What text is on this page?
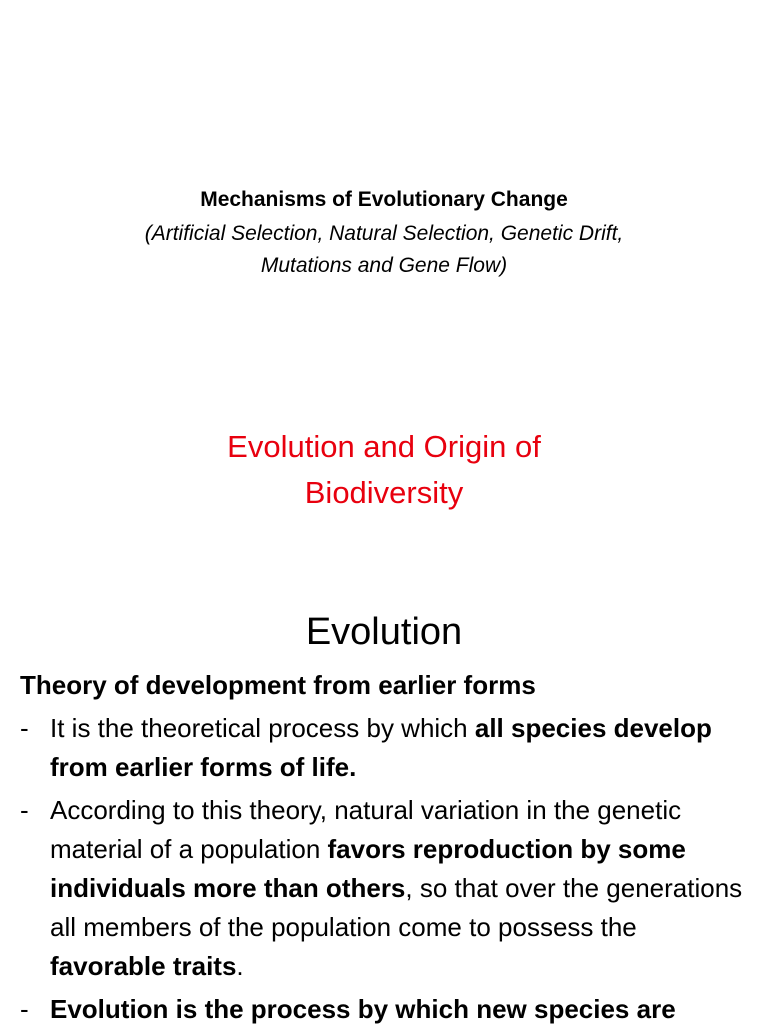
Mechanisms of Evolutionary Change
(Artificial Selection, Natural Selection, Genetic Drift,
Mutations and Gene Flow)
Evolution and Origin of
Biodiversity
Evolution
Theory of development from earlier forms
- It is the theoretical process by which all species develop from earlier forms of life.
- According to this theory, natural variation in the genetic material of a population favors reproduction by some individuals more than others, so that over the generations all members of the population come to possess the favorable traits.
- Evolution is the process by which new species are
